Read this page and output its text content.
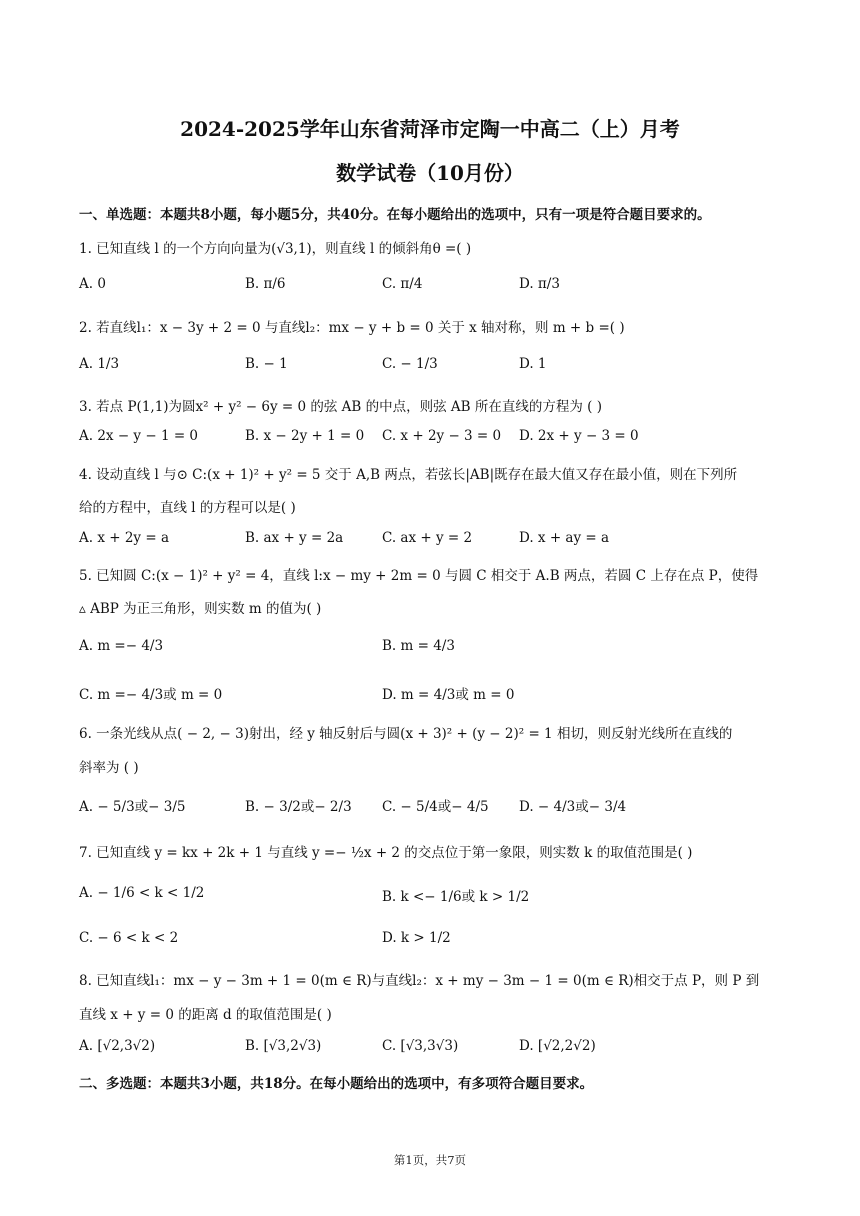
2024-2025学年山东省菏泽市定陶一中高二（上）月考
数学试卷（10月份）
一、单选题：本题共8小题，每小题5分，共40分。在每小题给出的选项中，只有一项是符合题目要求的。
1. 已知直线 l 的一个方向向量为(√3,1)，则直线 l 的倾斜角θ =( )
A. 0	B. π/6	C. π/4	D. π/3
2. 若直线l₁：x − 3y + 2 = 0 与直线l₂：mx − y + b = 0 关于 x 轴对称，则 m + b =( )
A. 1/3	B. − 1	C. − 1/3	D. 1
3. 若点 P(1,1)为圆x² + y² − 6y = 0 的弦 AB 的中点，则弦 AB 所在直线的方程为 ( )
A. 2x − y − 1 = 0	B. x − 2y + 1 = 0 C. x + 2y − 3 = 0 D. 2x + y − 3 = 0
4. 设动直线 l 与⊙ C:(x + 1)² + y² = 5 交于 A,B 两点，若弦长|AB|既存在最大值又存在最小值，则在下列所
给的方程中，直线 l 的方程可以是( )
A. x + 2y = a	B. ax + y = 2a	C. ax + y = 2	D. x + ay = a
5. 已知圆 C:(x − 1)² + y² = 4，直线 l:x − my + 2m = 0 与圆 C 相交于 A.B 两点，若圆 C 上存在点 P，使得
▵ ABP 为正三角形，则实数 m 的值为( )
A. m =− 4/3	B. m = 4/3
C. m =− 4/3或 m = 0	D. m = 4/3或 m = 0
6. 一条光线从点( − 2, − 3)射出，经 y 轴反射后与圆(x + 3)² + (y − 2)² = 1 相切，则反射光线所在直线的
斜率为 ( )
A. − 5/3或− 3/5	B. − 3/2或− 2/3 C. − 5/4或− 4/5 D. − 4/3或− 3/4
7. 已知直线 y = kx + 2k + 1 与直线 y =− ½x + 2 的交点位于第一象限，则实数 k 的取值范围是( )
A. − 1/6 < k < 1/2	B. k <− 1/6或 k > 1/2
C. − 6 < k < 2	D. k > 1/2
8. 已知直线l₁：mx − y − 3m + 1 = 0(m ∈ R)与直线l₂：x + my − 3m − 1 = 0(m ∈ R)相交于点 P，则 P 到
直线 x + y = 0 的距离 d 的取值范围是( )
A. [√2,3√2)	B. [√3,2√3)	C. [√3,3√3)	D. [√2,2√2)
二、多选题：本题共3小题，共18分。在每小题给出的选项中，有多项符合题目要求。
第1页，共7页
